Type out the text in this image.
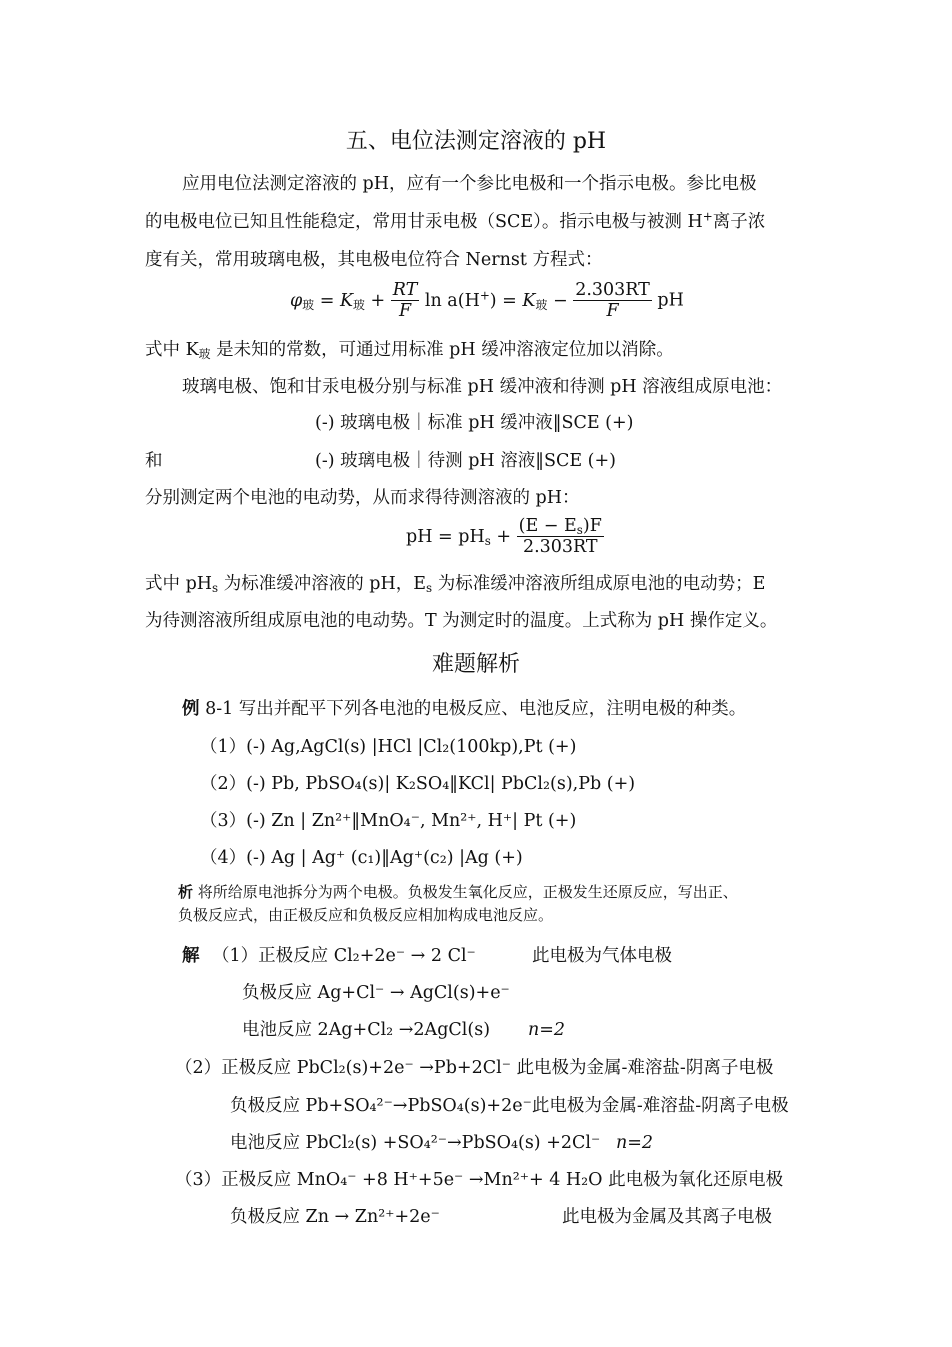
五、电位法测定溶液的 pH
应用电位法测定溶液的 pH，应有一个参比电极和一个指示电极。参比电极
的电极电位已知且性能稳定，常用甘汞电极（SCE）。指示电极与被测 H+离子浓
度有关，常用玻璃电极，其电极电位符合 Nernst 方程式：
$\varphi_玻 = K_玻 + \frac{RT}{F}$ $\ln a(H^+) = K_玻 - \frac{2.303RT}{F}$ pH
式中 $K_玻$ 是未知的常数，可通过用标准 pH 缓冲溶液定位加以消除。
玻璃电极、饱和甘汞电极分别与标准 pH 缓冲液和待测 pH 溶液组成原电池：
(-) 玻璃电极｜标准 pH 缓冲液‖SCE (+)
和	(-) 玻璃电极｜待测 pH 溶液‖SCE (+)
分别测定两个电池的电动势，从而求得待测溶液的 pH：
pH = $pH_s + \frac{(E - E_s)F}{2.303RT}$
式中 $pH_s$ 为标准缓冲溶液的 pH，$E_s$ 为标准缓冲溶液所组成原电池的电动势；E
为待测溶液所组成原电池的电动势。T 为测定时的温度。上式称为 pH 操作定义。
难题解析
例 8-1 写出并配平下列各电池的电极反应、电池反应，注明电极的种类。
（1）(-) Ag,AgCl(s) |HCl |Cl₂(100kp),Pt (+)
（2）(-) Pb, PbSO₄(s)| K₂SO₄‖KCl| PbCl₂(s),Pb (+)
（3）(-) Zn | Zn²⁺‖MnO₄⁻, Mn²⁺, H⁺| Pt (+)
（4）(-) Ag | Ag⁺ (c₁)‖Ag⁺(c₂) |Ag (+)
析 将所给原电池拆分为两个电极。负极发生氧化反应，正极发生还原反应，写出正、
负极反应式，由正极反应和负极反应相加构成电池反应。
解 （1）正极反应 Cl₂+2e⁻ → 2 Cl⁻	此电极为气体电极
负极反应 Ag+Cl⁻ → AgCl(s)+e⁻
电池反应 2Ag+Cl₂ →2AgCl(s) n=2
（2）正极反应 PbCl₂(s)+2e⁻ →Pb+2Cl⁻ 此电极为金属-难溶盐-阴离子电极
负极反应 Pb+SO₄²⁻→PbSO₄(s)+2e⁻此电极为金属-难溶盐-阴离子电极
电池反应 PbCl₂(s) +SO₄²⁻→PbSO₄(s) +2Cl⁻ n=2
（3）正极反应 MnO₄⁻ +8 H⁺+5e⁻ →Mn²⁺+ 4 H₂O 此电极为氧化还原电极
负极反应 Zn → Zn²⁺+2e⁻	此电极为金属及其离子电极
